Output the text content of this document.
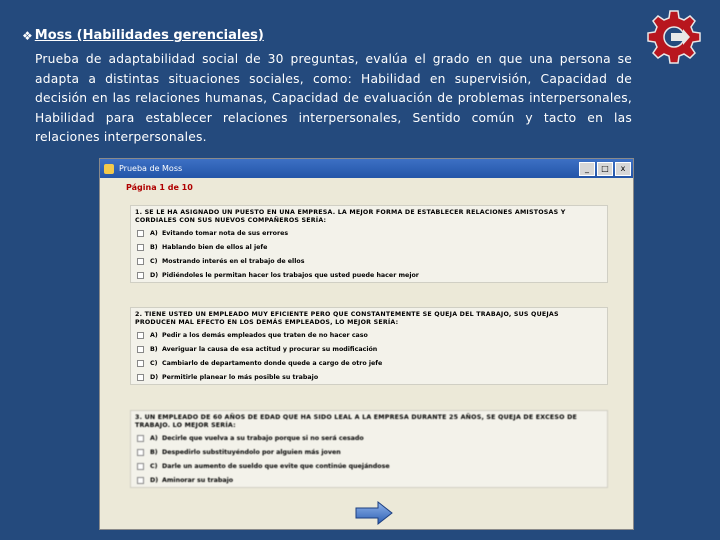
❖ Moss (Habilidades gerenciales)
Prueba de adaptabilidad social de 30 preguntas, evalúa el grado en que una persona se adapta a distintas situaciones sociales, como: Habilidad en supervisión, Capacidad de decisión en las relaciones humanas, Capacidad de evaluación de problemas interpersonales, Habilidad para establecer relaciones interpersonales, Sentido común y tacto en las relaciones interpersonales.
Prueba de Moss	_	□	x
Página 1 de 10
1. SE LE HA ASIGNADO UN PUESTO EN UNA EMPRESA. LA MEJOR FORMA DE ESTABLECER RELACIONES AMISTOSAS Y CORDIALES CON SUS NUEVOS COMPAÑEROS SERÍA:
A) Evitando tomar nota de sus errores
B) Hablando bien de ellos al jefe
C) Mostrando interés en el trabajo de ellos
D) Pidiéndoles le permitan hacer los trabajos que usted puede hacer mejor
2. TIENE USTED UN EMPLEADO MUY EFICIENTE PERO QUE CONSTANTEMENTE SE QUEJA DEL TRABAJO, SUS QUEJAS PRODUCEN MAL EFECTO EN LOS DEMÁS EMPLEADOS, LO MEJOR SERÍA:
A) Pedir a los demás empleados que traten de no hacer caso
B) Averiguar la causa de esa actitud y procurar su modificación
C) Cambiarlo de departamento donde quede a cargo de otro jefe
D) Permitirle planear lo más posible su trabajo
3. UN EMPLEADO DE 60 AÑOS DE EDAD QUE HA SIDO LEAL A LA EMPRESA DURANTE 25 AÑOS, SE QUEJA DE EXCESO DE TRABAJO. LO MEJOR SERÍA:
A) Decirle que vuelva a su trabajo porque si no será cesado
B) Despedirlo substituyéndolo por alguien más joven
C) Darle un aumento de sueldo que evite que continúe quejándose
D) Aminorar su trabajo
